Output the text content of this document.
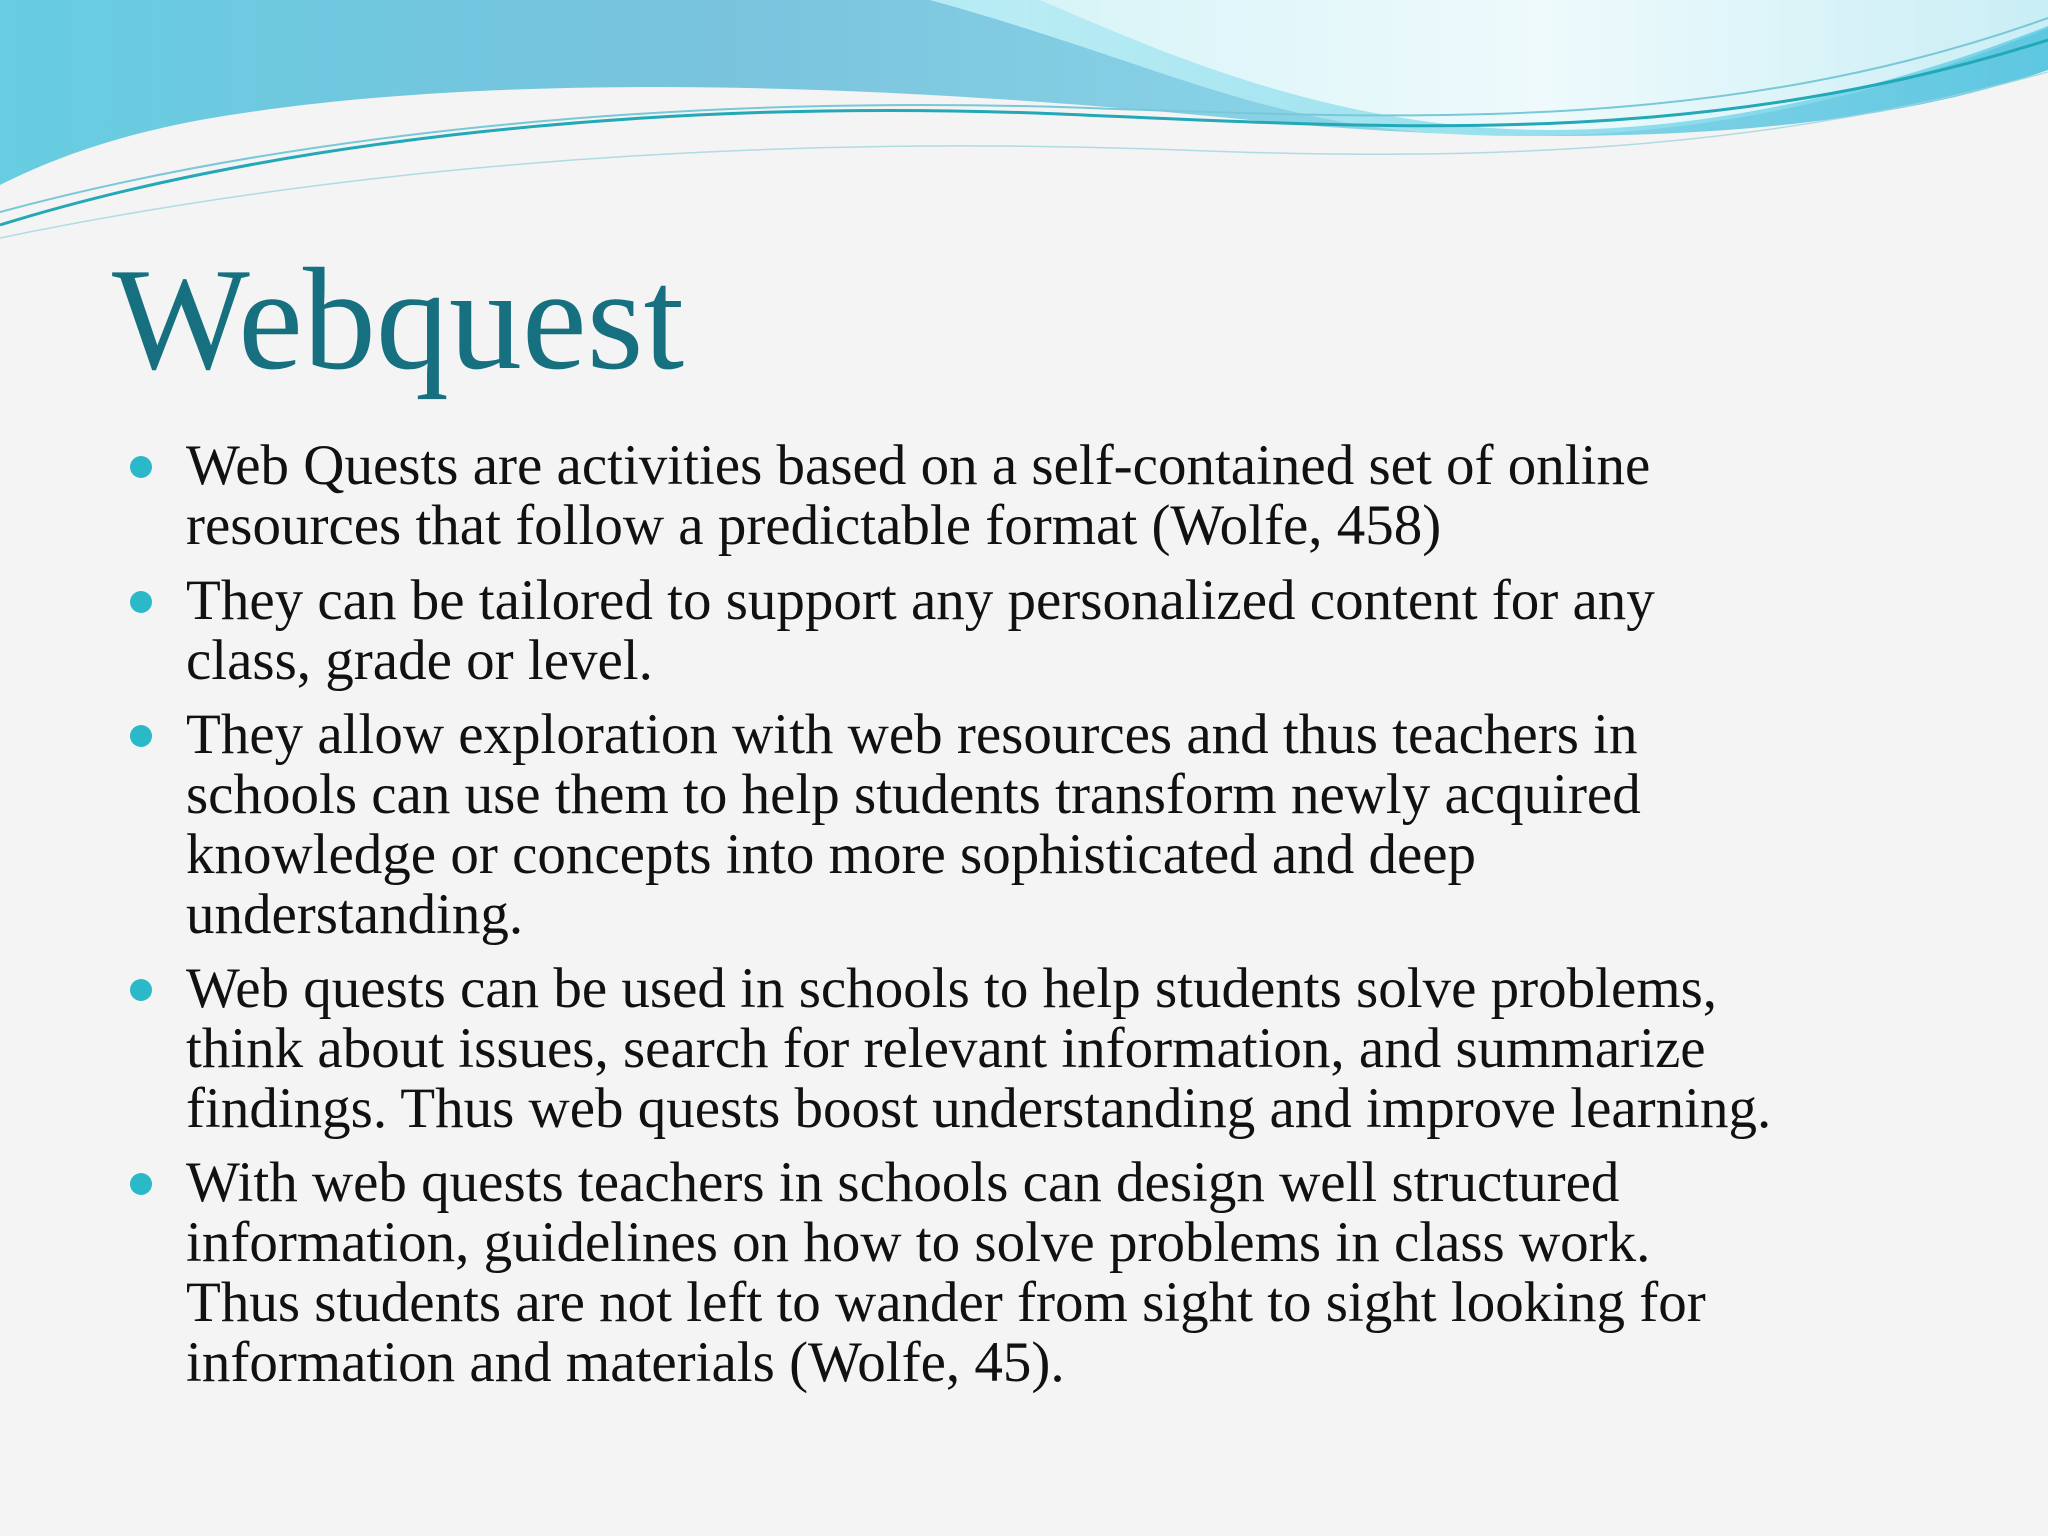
Webquest
Web Quests are activities based on a self-contained set of online
resources that follow a predictable format (Wolfe, 458)
They can be tailored to support any personalized content for any
class, grade or level.
They allow exploration with web resources and thus teachers in
schools can use them to help students transform newly acquired
knowledge or concepts into more sophisticated and deep
understanding.
Web quests can be used in schools to help students solve problems,
think about issues, search for relevant information, and summarize
findings. Thus web quests boost understanding and improve learning.
With web quests teachers in schools can design well structured
information, guidelines on how to solve problems in class work.
Thus students are not left to wander from sight to sight looking for
information and materials (Wolfe, 45).
